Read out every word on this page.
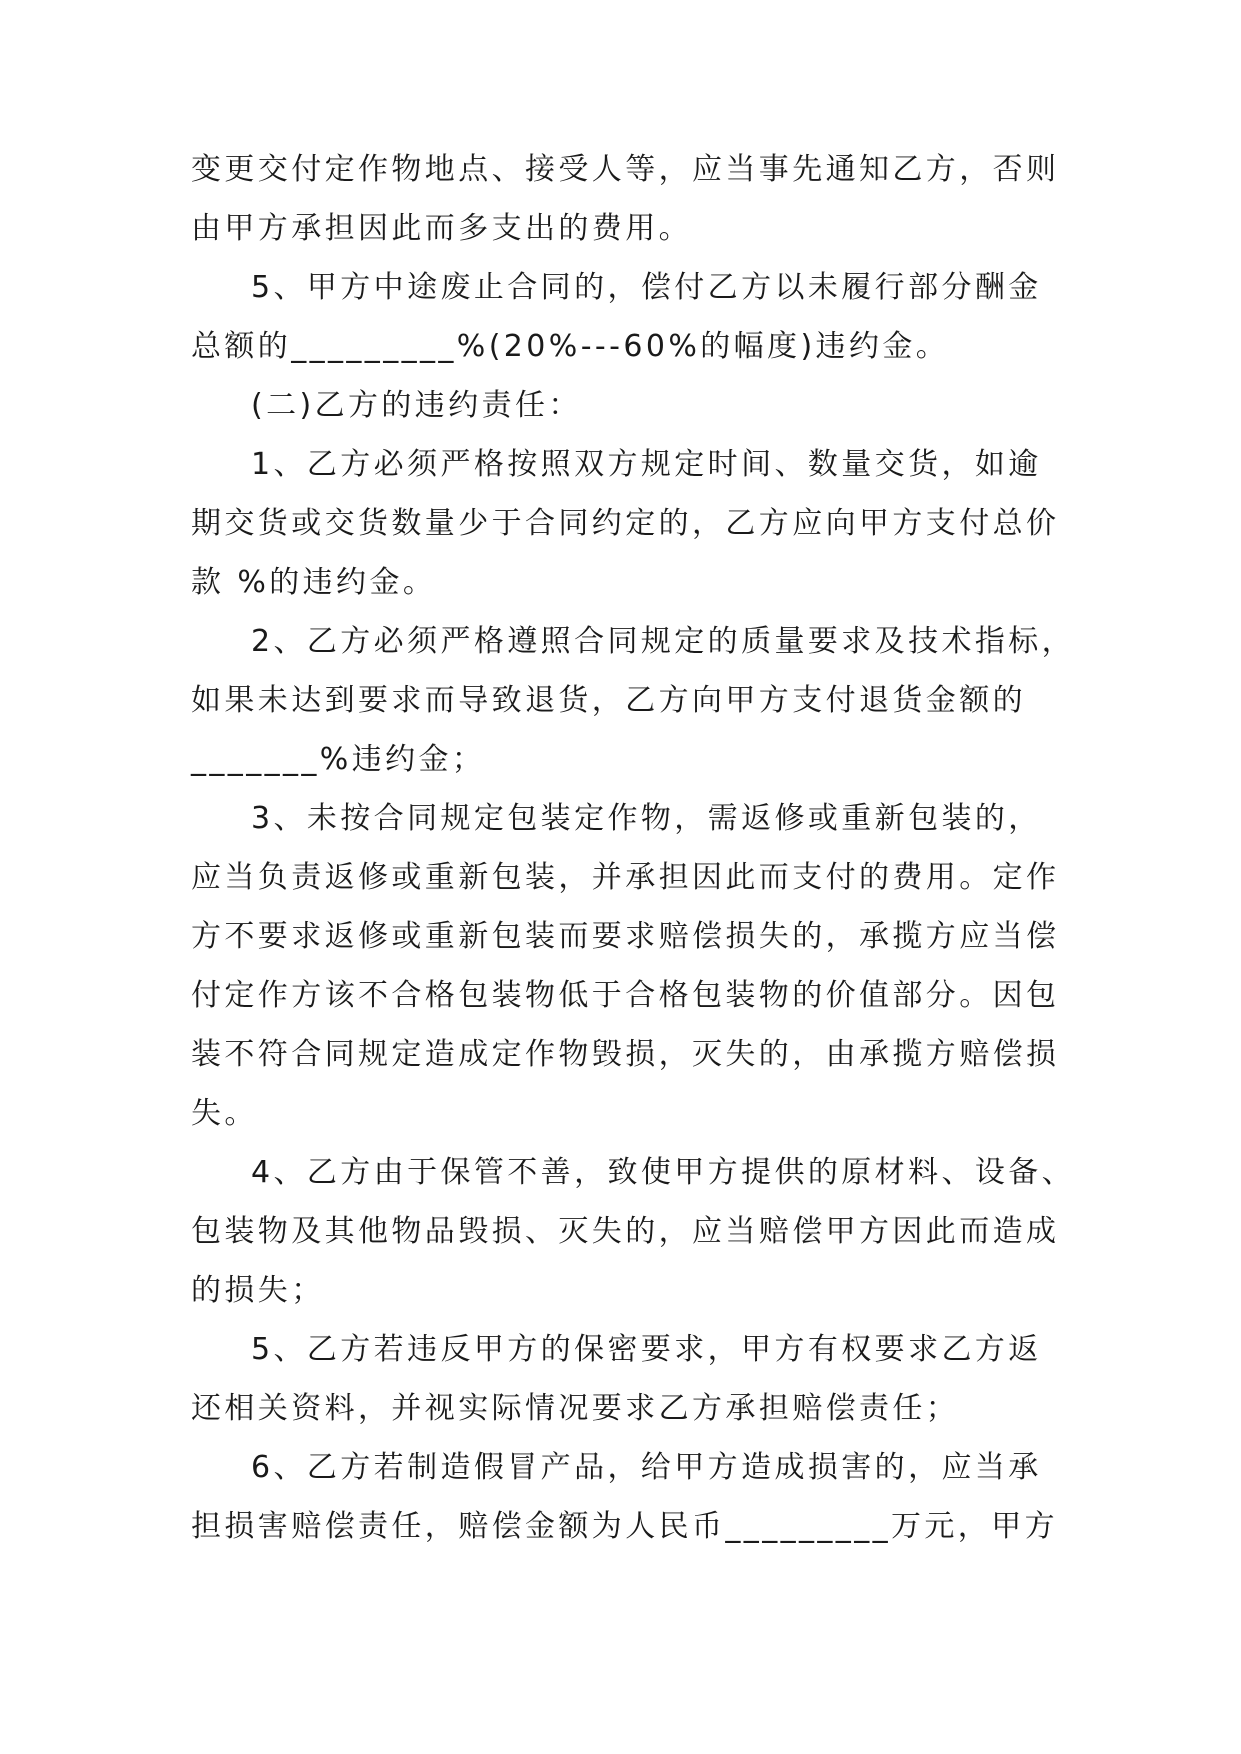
变更交付定作物地点、接受人等，应当事先通知乙方，否则
由甲方承担因此而多支出的费用。
5、甲方中途废止合同的，偿付乙方以未履行部分酬金
总额的_________%(20%---60%的幅度)违约金。
(二)乙方的违约责任：
1、乙方必须严格按照双方规定时间、数量交货，如逾
期交货或交货数量少于合同约定的，乙方应向甲方支付总价
款 %的违约金。
2、乙方必须严格遵照合同规定的质量要求及技术指标，
如果未达到要求而导致退货，乙方向甲方支付退货金额的
_______%违约金；
3、未按合同规定包装定作物，需返修或重新包装的，
应当负责返修或重新包装，并承担因此而支付的费用。定作
方不要求返修或重新包装而要求赔偿损失的，承揽方应当偿
付定作方该不合格包装物低于合格包装物的价值部分。因包
装不符合同规定造成定作物毁损，灭失的，由承揽方赔偿损
失。
4、乙方由于保管不善，致使甲方提供的原材料、设备、
包装物及其他物品毁损、灭失的，应当赔偿甲方因此而造成
的损失；
5、乙方若违反甲方的保密要求，甲方有权要求乙方返
还相关资料，并视实际情况要求乙方承担赔偿责任；
6、乙方若制造假冒产品，给甲方造成损害的，应当承
担损害赔偿责任，赔偿金额为人民币_________万元，甲方
